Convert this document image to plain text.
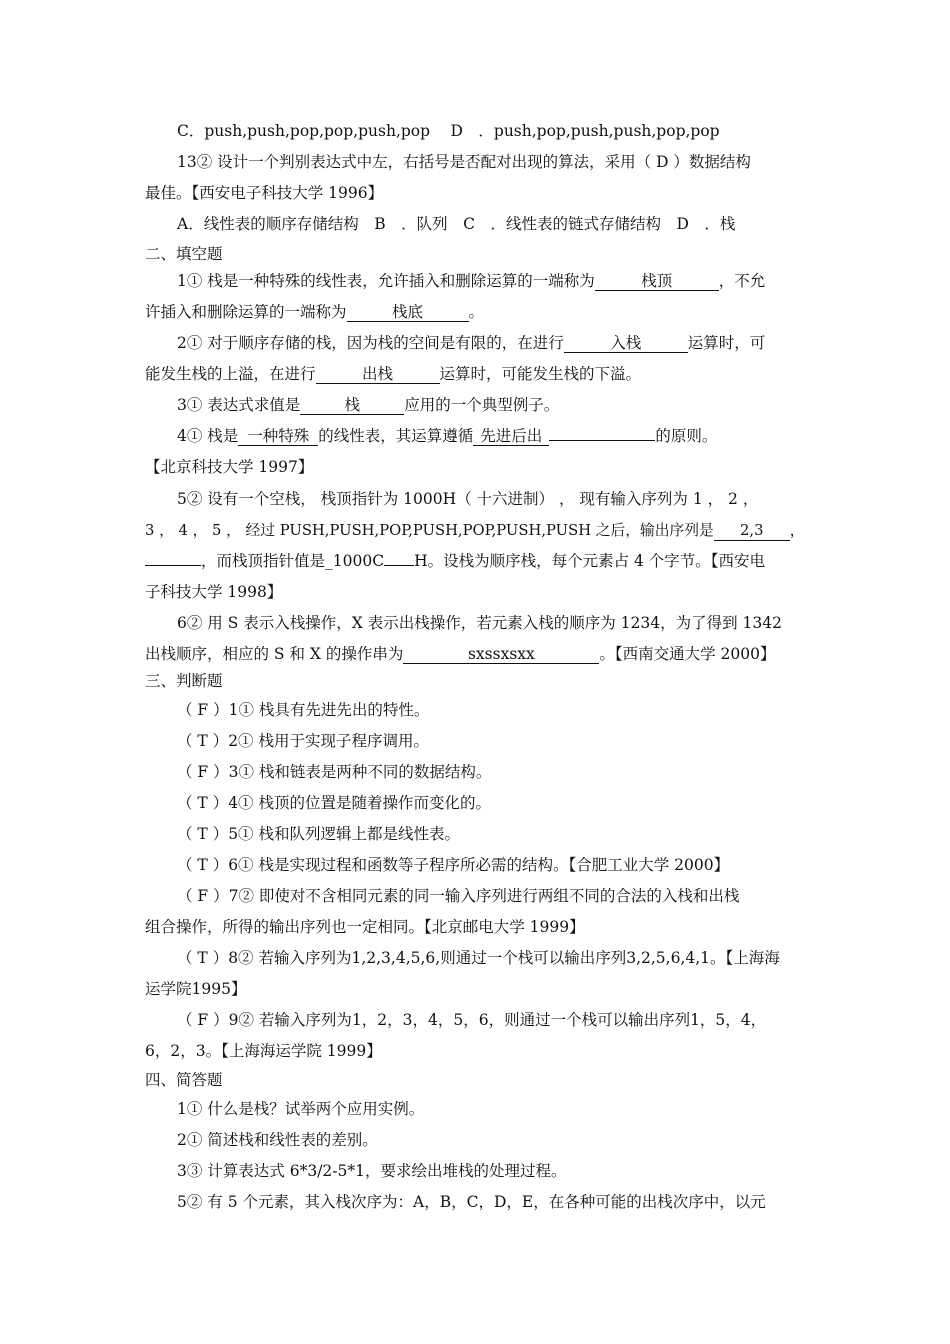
C．push,push,pop,pop,push,pop　 D　．push,pop,push,push,pop,pop
13② 设计一个判别表达式中左，右括号是否配对出现的算法，采用（ D ）数据结构
最佳。【西安电子科技大学 1996】
A．线性表的顺序存储结构　B　．队列　C　．线性表的链式存储结构　D　．栈
二、填空题
1① 栈是一种特殊的线性表，允许插入和删除运算的一端称为	栈顶	，不允
许插入和删除运算的一端称为	栈底	。
2① 对于顺序存储的栈，因为栈的空间是有限的，在进行	入栈	运算时，可
能发生栈的上溢，在进行	出栈	运算时，可能发生栈的下溢。
3① 表达式求值是	栈	应用的一个典型例子。
4① 栈是 一种特殊 的线性表，其运算遵循 先进后出	的原则。
【北京科技大学 1997】
5② 设有一个空栈， 栈顶指针为 1000H（ 十六进制） ， 现有输入序列为 1 ， 2 ，
3 ， 4 ， 5 ， 经过 PUSH,PUSH,POP,PUSH,POP,PUSH,PUSH 之后，输出序列是 2,3 ，
，而栈顶指针值是_1000C H。设栈为顺序栈，每个元素占 4 个字节。【西安电
子科技大学 1998】
6② 用 S 表示入栈操作，X 表示出栈操作，若元素入栈的顺序为 1234，为了得到 1342
出栈顺序，相应的 S 和 X 的操作串为	sxssxsxx	。【西南交通大学 2000】
三、判断题
（ F ）1① 栈具有先进先出的特性。
（ T ）2① 栈用于实现子程序调用。
（ F ）3① 栈和链表是两种不同的数据结构。
（ T ）4① 栈顶的位置是随着操作而变化的。
（ T ）5① 栈和队列逻辑上都是线性表。
（ T ）6① 栈是实现过程和函数等子程序所必需的结构。【合肥工业大学 2000】
（ F ）7② 即使对不含相同元素的同一输入序列进行两组不同的合法的入栈和出栈
组合操作，所得的输出序列也一定相同。【北京邮电大学 1999】
（ T ）8② 若输入序列为1,2,3,4,5,6,则通过一个栈可以输出序列3,2,5,6,4,1。【上海海
运学院1995】
（ F ）9② 若输入序列为1，2，3，4，5，6，则通过一个栈可以输出序列1，5，4，
6，2，3。【上海海运学院 1999】
四、简答题
1① 什么是栈？试举两个应用实例。
2① 简述栈和线性表的差别。
3③ 计算表达式 6*3/2-5*1，要求绘出堆栈的处理过程。
5② 有 5 个元素，其入栈次序为：A，B，C，D，E，在各种可能的出栈次序中，以元
